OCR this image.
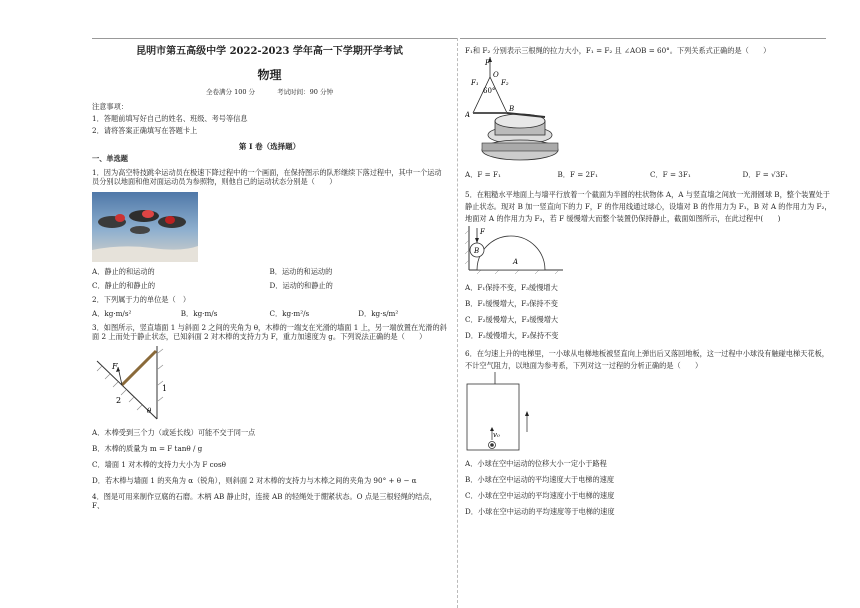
昆明市第五高级中学 2022-2023 学年高一下学期开学考试
物理
全卷满分 100 分	考试时间：90 分钟
注意事项：
1．答题前填写好自己的姓名、班级、考号等信息
2．请将答案正确填写在答题卡上
第 I 卷（选择题）
一、单选题
1．因为高空特技跳伞运动员在极速下降过程中的一个画面，在保持图示的队形继续下落过程中，其中一个运动员分别以地面和他对面运动员为参照物，则他自己的运动状态分别是（　　）
A．静止的和运动的	B．运动的和运动的
C．静止的和静止的	D．运动的和静止的
2．下列属于力的单位是（　）
A．kg·m/s²	B．kg·m/s	C．kg·m²/s	D．kg·s/m²
3．如图所示，竖直墙面 1 与斜面 2 之间的夹角为 θ，木棒的一端支在光滑的墙面 1 上，另一端放置在光滑的斜面 2 上而处于静止状态，已知斜面 2 对木棒的支持力为 F，重力加速度为 g。下列说法正确的是（　　）
F
2
1
θ
A．木棒受到三个力（或延长线）可能不交于同一点
B．木棒的质量为 m = F tanθ / g
C．墙面 1 对木棒的支持力大小为 F cosθ
D．若木棒与墙面 1 的夹角为 α（锐角），则斜面 2 对木棒的支持力与木棒之间的夹角为 90° + θ − α
4．图是可用来制作豆腐的石磨。木柄 AB 静止时，连接 AB 的轻绳处于绷紧状态。O 点是三根轻绳的结点，F、
F₁和 F₂ 分别表示三根绳的拉力大小，F₁ = F₂ 且 ∠AOB = 60°。下列关系式正确的是（　　）
F
O
F₁	F₂
60°
A
B
A．F = F₁	B．F = 2F₁	C．F = 3F₁	D．F = √3F₁
5．在粗糙水平地面上与墙平行放着一个截面为半圆的柱状物体 A，A 与竖直墙之间放一光滑圆球 B，整个装置处于静止状态。现对 B 加一竖直向下的力 F，F 的作用线通过球心，设墙对 B 的作用力为 F₁，B 对 A 的作用力为 F₂，地面对 A 的作用力为 F₃，若 F 缓慢增大而整个装置仍保持静止，截面如图所示，在此过程中(　　)
F
B
A
A．F₁保持不变，F₃缓慢增大
B．F₁缓慢增大，F₃保持不变
C．F₂缓慢增大，F₃缓慢增大
D．F₂缓慢增大，F₃保持不变
6．在匀速上升的电梯里，一小球从电梯地板被竖直向上弹出后又落回地板，这一过程中小球没有触碰电梯天花板，不计空气阻力，以地面为参考系，下列对这一过程的分析正确的是（　　）
v₀
A．小球在空中运动的位移大小一定小于路程
B．小球在空中运动的平均速度大于电梯的速度
C．小球在空中运动的平均速度小于电梯的速度
D．小球在空中运动的平均速度等于电梯的速度
